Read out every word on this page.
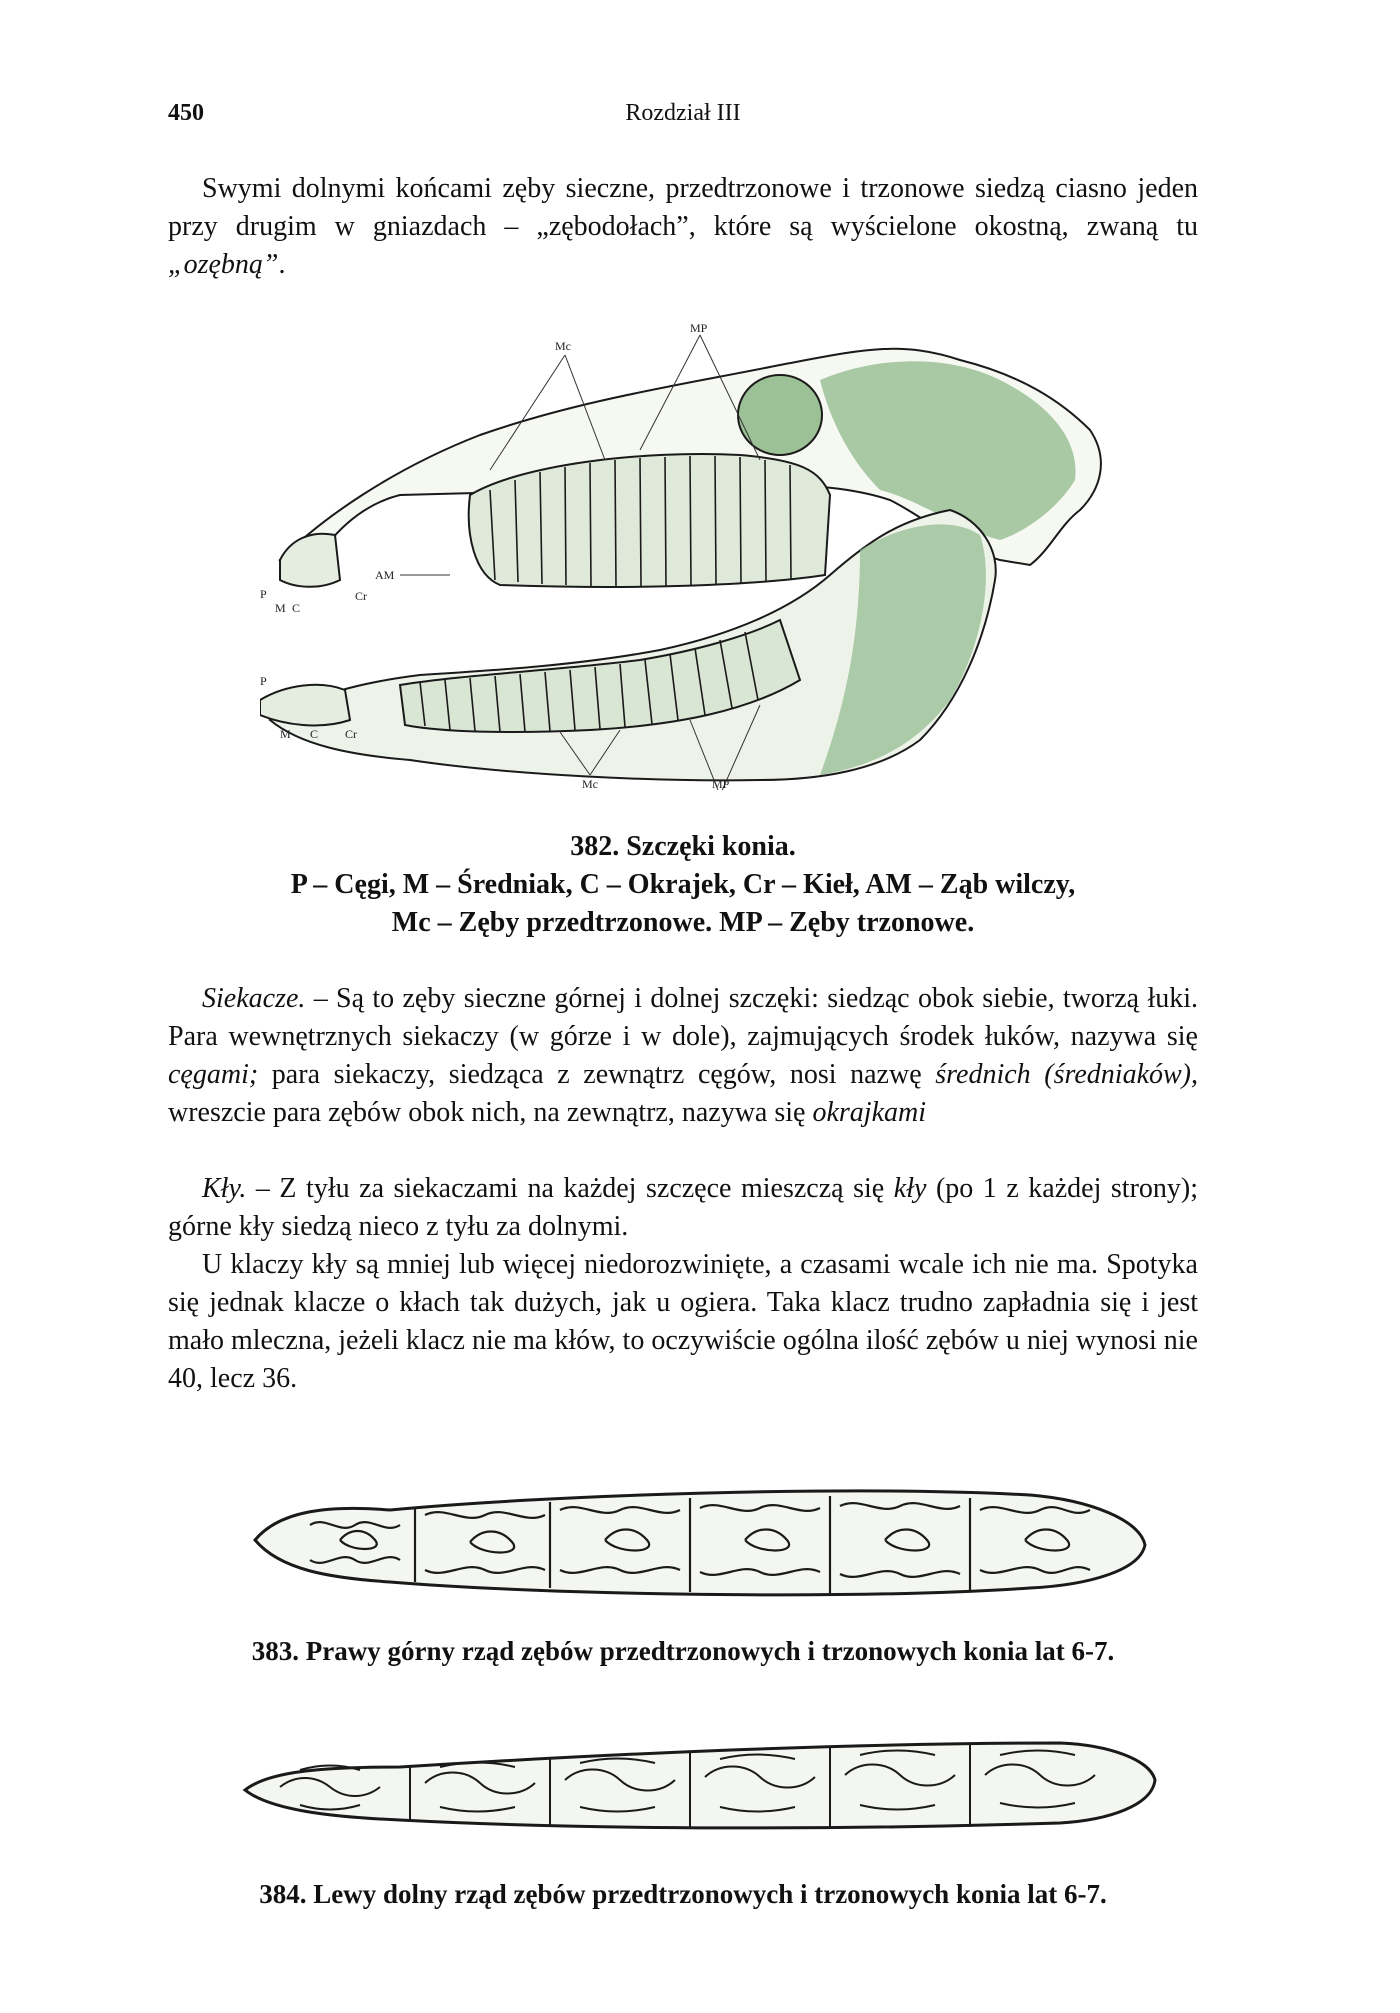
450	Rozdział III

Swymi dolnymi końcami zęby sieczne, przedtrzonowe i trzonowe siedzą ciasno jeden przy drugim w gniazdach – „zębodołach”, które są wyścielone okostną, zwaną tu „ozębną”.

Mc
MP
AM
P
M C
Cr
P
M C Cr
Mc	MP
382. Szczęki konia.
P – Cęgi, M – Średniak, C – Okrajek, Cr – Kieł, AM – Ząb wilczy,
Mc – Zęby przedtrzonowe. MP – Zęby trzonowe.

Siekacze. – Są to zęby sieczne górnej i dolnej szczęki: siedząc obok siebie, tworzą łuki. Para wewnętrznych siekaczy (w górze i w dole), zajmujących środek łuków, nazywa się cęgami; para siekaczy, siedząca z zewnątrz cęgów, nosi nazwę średnich (średniaków), wreszcie para zębów obok nich, na zewnątrz, nazywa się okrajkami

Kły. – Z tyłu za siekaczami na każdej szczęce mieszczą się kły (po 1 z każdej strony); górne kły siedzą nieco z tyłu za dolnymi.

U klaczy kły są mniej lub więcej niedorozwinięte, a czasami wcale ich nie ma. Spotyka się jednak klacze o kłach tak dużych, jak u ogiera. Taka klacz trudno zapładnia się i jest mało mleczna, jeżeli klacz nie ma kłów, to oczywiście ogólna ilość zębów u niej wynosi nie 40, lecz 36.

383. Prawy górny rząd zębów przedtrzonowych i trzonowych konia lat 6-7.
384. Lewy dolny rząd zębów przedtrzonowych i trzonowych konia lat 6-7.
